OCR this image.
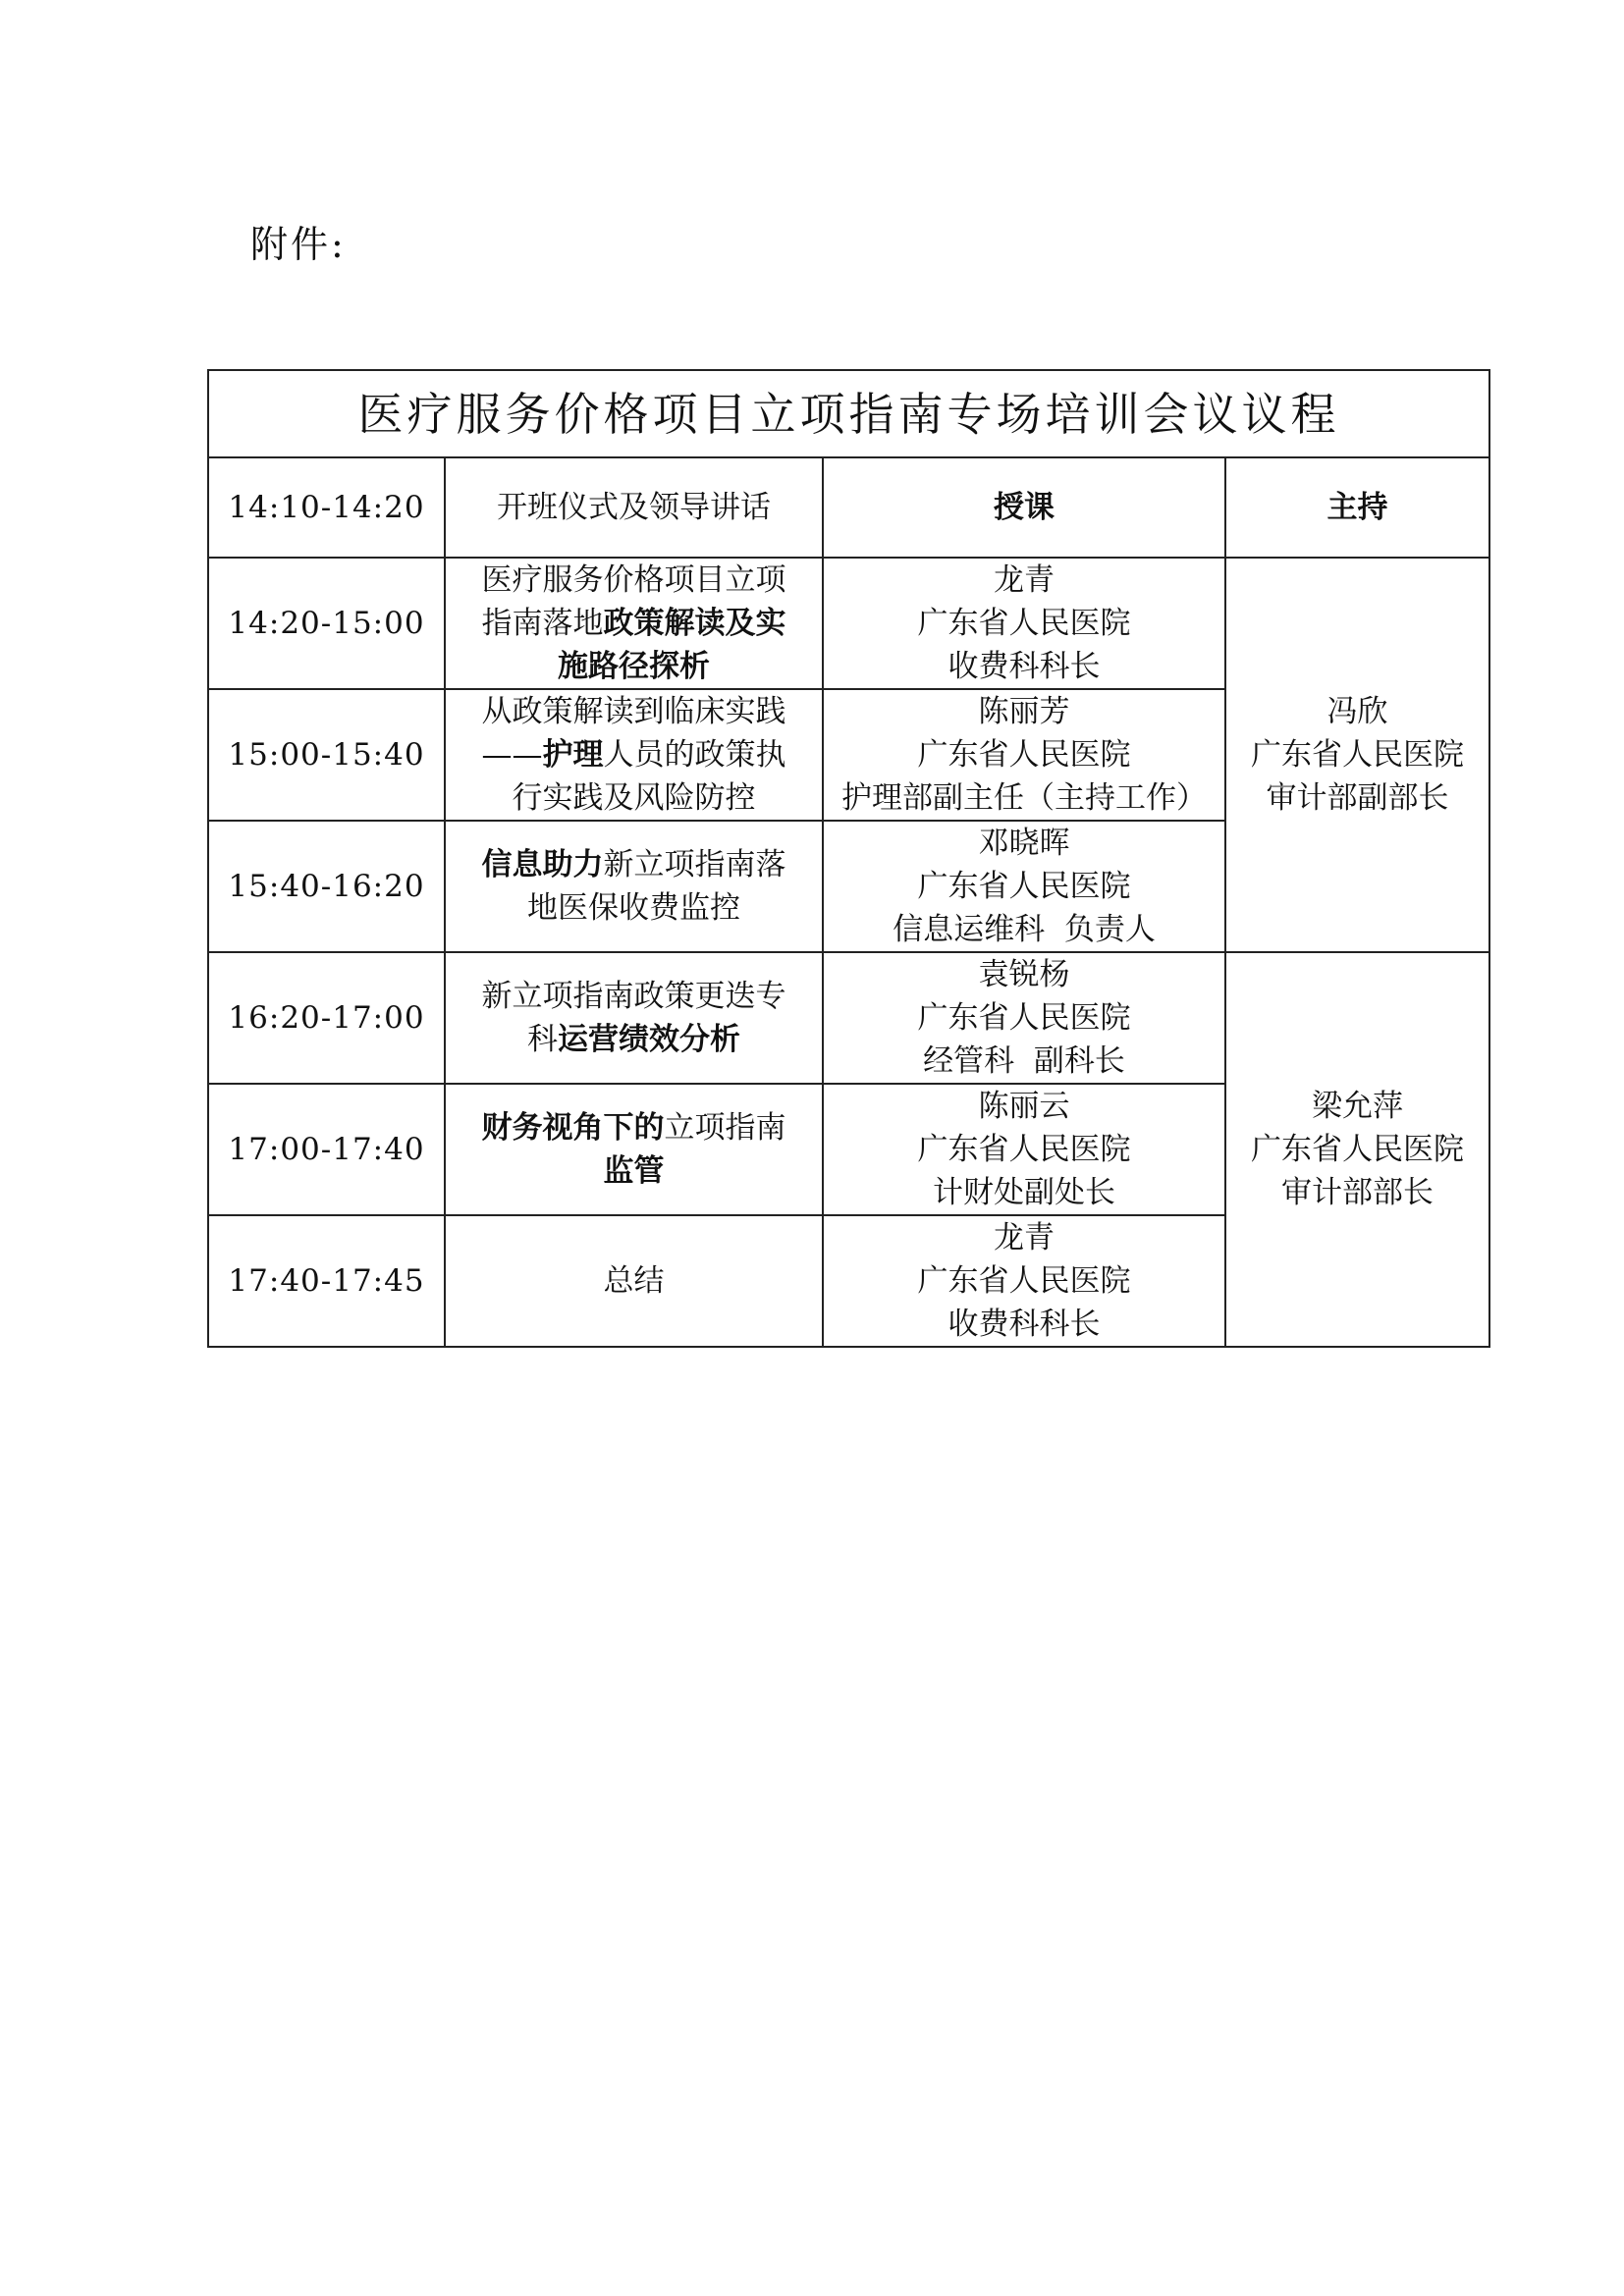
附件:
医疗服务价格项目立项指南专场培训会议议程			
14:10-14:20	开班仪式及领导讲话	授课	主持
14:20-15:00	医疗服务价格项目立项
指南落地政策解读及实
施路径探析	龙青
广东省人民医院
收费科科长	冯欣
广东省人民医院
审计部副部长

15:00-15:40	从政策解读到临床实践
——护理人员的政策执
行实践及风险防控	陈丽芳
广东省人民医院
护理部副主任（主持工作）	

15:40-16:20	信息助力新立项指南落
地医保收费监控	邓晓晖
广东省人民医院
信息运维科  负责人	

16:20-17:00	新立项指南政策更迭专
科运营绩效分析	袁锐杨
广东省人民医院
经管科  副科长	梁允萍
广东省人民医院
审计部部长

17:00-17:40	财务视角下的立项指南
监管	陈丽云
广东省人民医院
计财处副处长	

17:40-17:45	总结	龙青
广东省人民医院
收费科科长	
